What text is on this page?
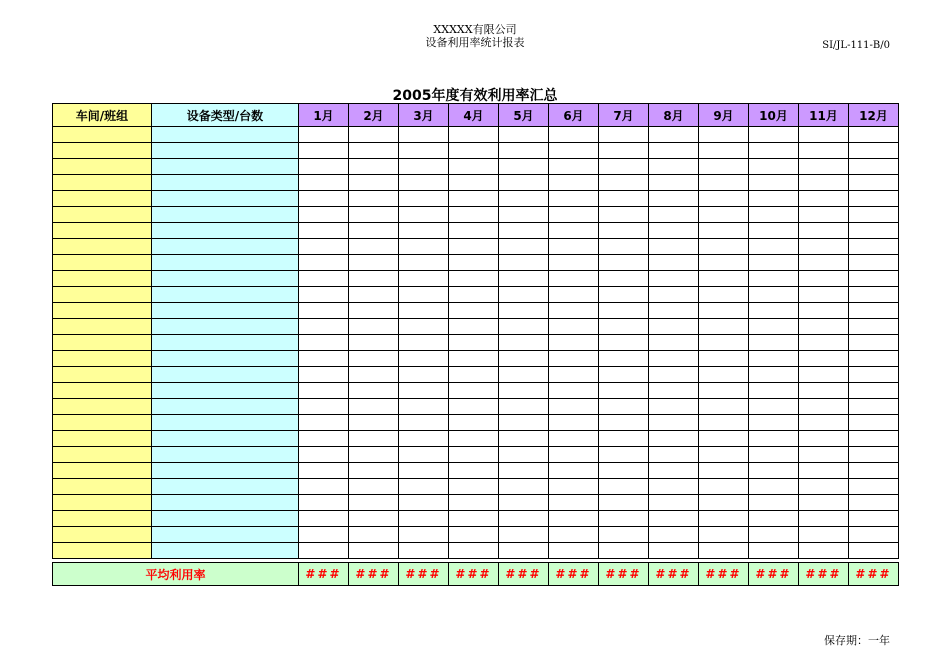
XXXXX有限公司
设备利用率统计报表	SI/JL-111-B/0
2005年度有效利用率汇总
车间/班组	设备类型/台数	1月	2月	3月	4月	5月	6月	7月	8月	9月	10月	11月	12月

平均利用率		###	###	###	###	###	###	###	###	###	###	###	###
保存期：一年
